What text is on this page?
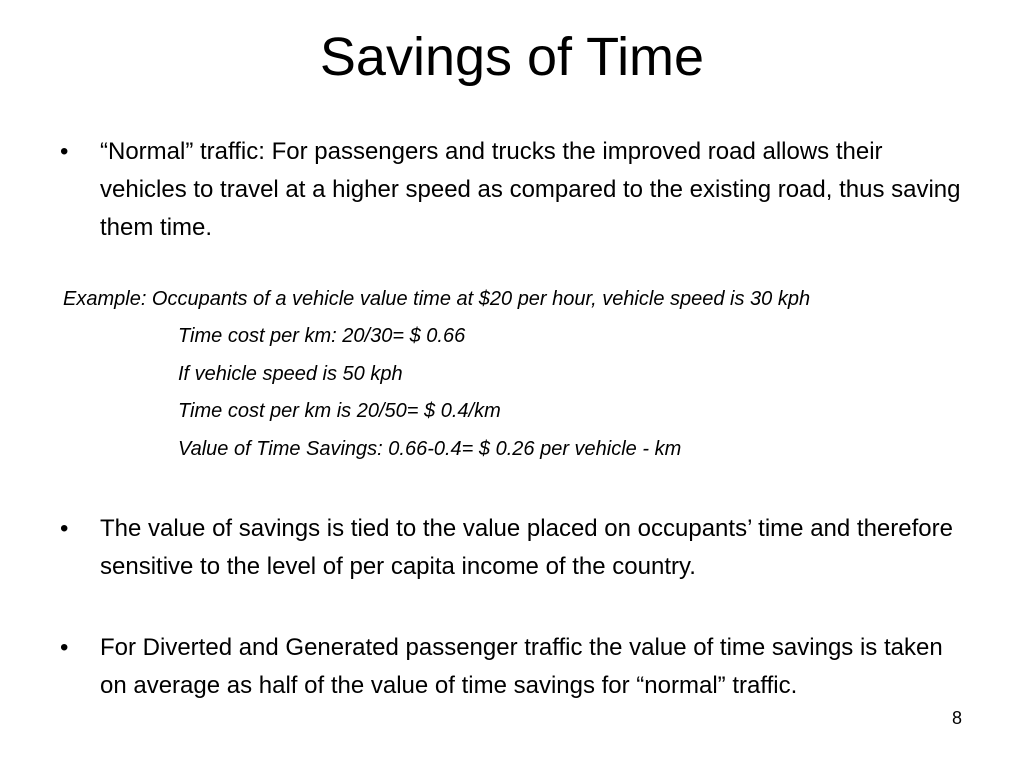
Savings of Time
• “Normal” traffic: For passengers and trucks the improved road allows their vehicles to travel at a higher speed as compared to the existing road, thus saving them time.
Example: Occupants of a vehicle value time at $20 per hour, vehicle speed is 30 kph
Time cost per km: 20/30= $ 0.66
If vehicle speed is 50 kph
Time cost per km is 20/50= $ 0.4/km
Value of Time Savings: 0.66-0.4= $ 0.26 per vehicle - km
• The value of savings is tied to the value placed on occupants’ time and therefore sensitive to the level of per capita income of the country.
• For Diverted and Generated passenger traffic the value of time savings is taken on average as half of the value of time savings for “normal” traffic.
8
